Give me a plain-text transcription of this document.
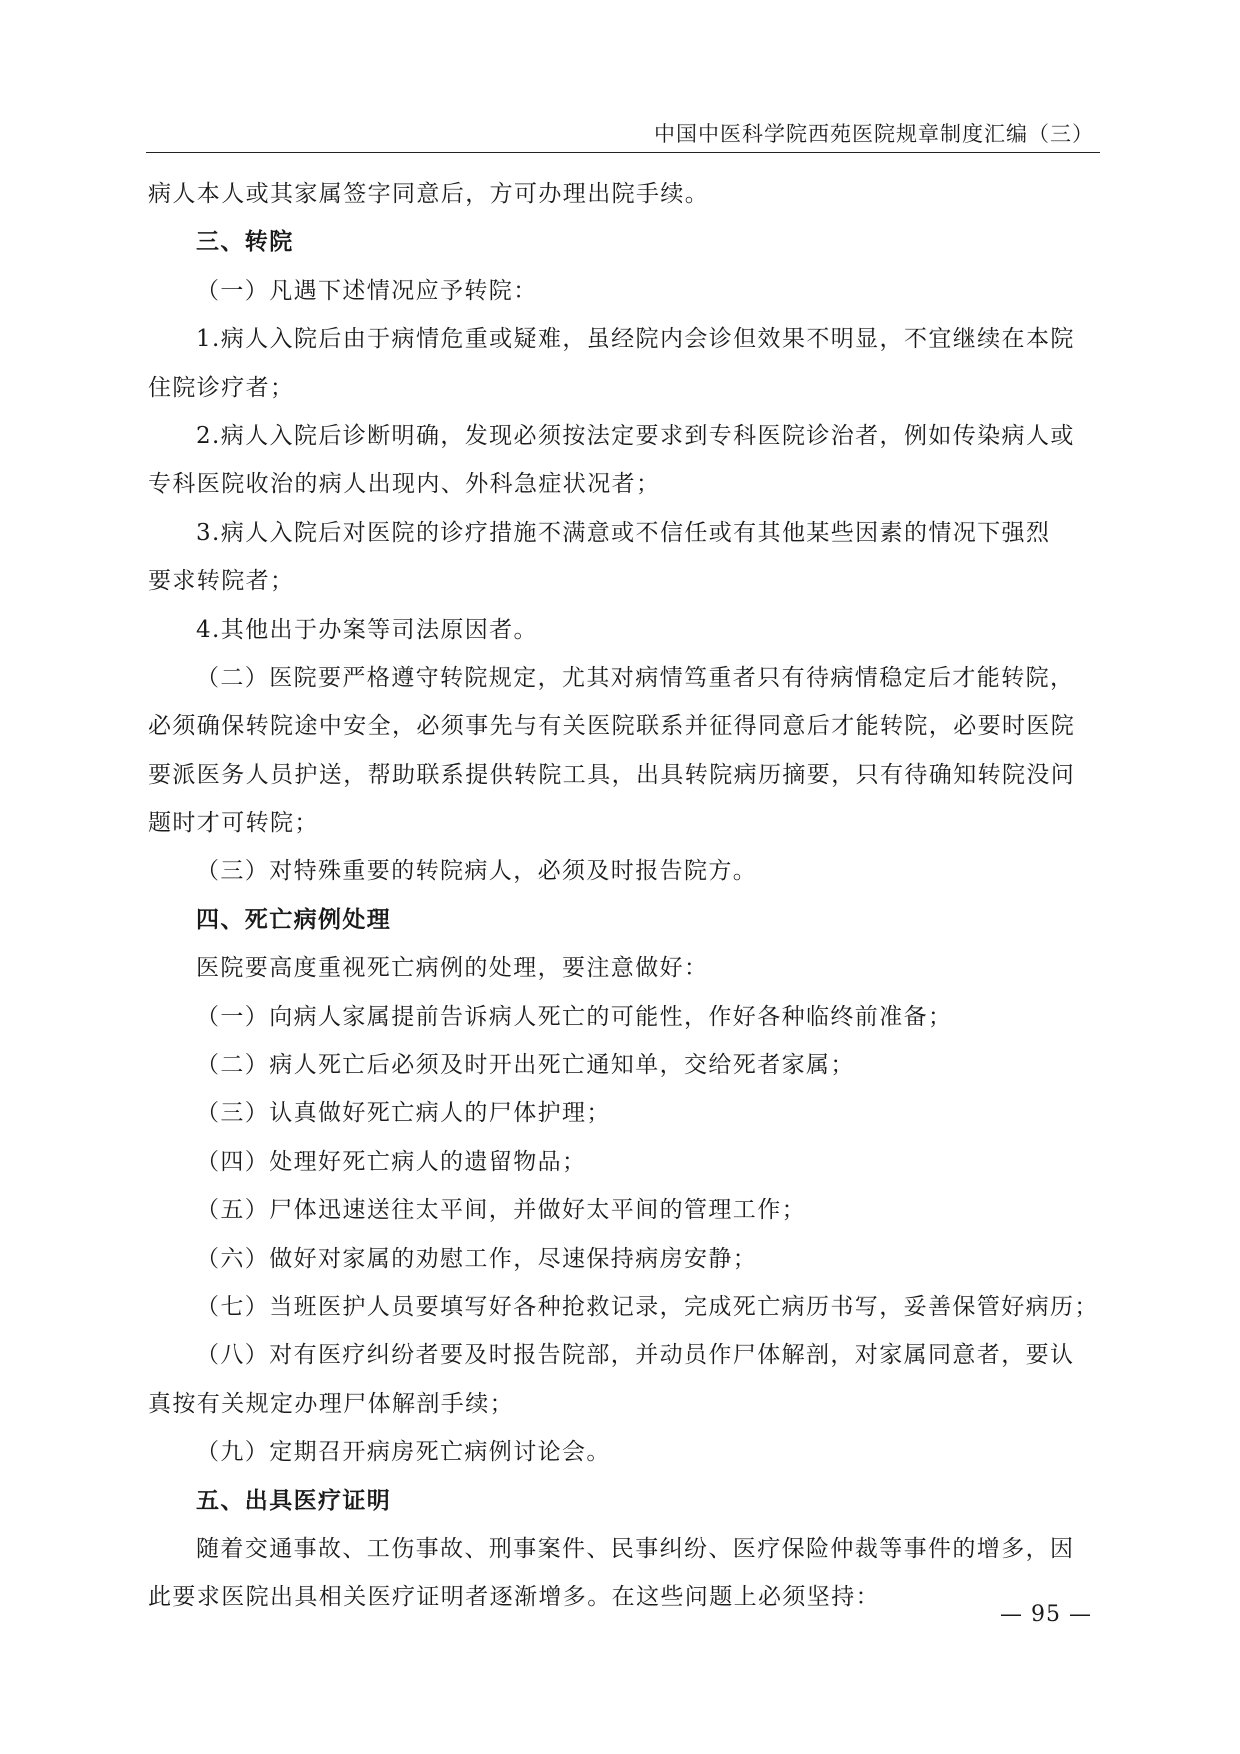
中国中医科学院西苑医院规章制度汇编（三）
病人本人或其家属签字同意后，方可办理出院手续。
三、转院
（一）凡遇下述情况应予转院：
1.病人入院后由于病情危重或疑难，虽经院内会诊但效果不明显，不宜继续在本院
住院诊疗者；
2.病人入院后诊断明确，发现必须按法定要求到专科医院诊治者，例如传染病人或
专科医院收治的病人出现内、外科急症状况者；
3.病人入院后对医院的诊疗措施不满意或不信任或有其他某些因素的情况下强烈
要求转院者；
4.其他出于办案等司法原因者。
（二）医院要严格遵守转院规定，尤其对病情笃重者只有待病情稳定后才能转院，
必须确保转院途中安全，必须事先与有关医院联系并征得同意后才能转院，必要时医院
要派医务人员护送，帮助联系提供转院工具，出具转院病历摘要，只有待确知转院没问
题时才可转院；
（三）对特殊重要的转院病人，必须及时报告院方。
四、死亡病例处理
医院要高度重视死亡病例的处理，要注意做好：
（一）向病人家属提前告诉病人死亡的可能性，作好各种临终前准备；
（二）病人死亡后必须及时开出死亡通知单，交给死者家属；
（三）认真做好死亡病人的尸体护理；
（四）处理好死亡病人的遗留物品；
（五）尸体迅速送往太平间，并做好太平间的管理工作；
（六）做好对家属的劝慰工作，尽速保持病房安静；
（七）当班医护人员要填写好各种抢救记录，完成死亡病历书写，妥善保管好病历；
（八）对有医疗纠纷者要及时报告院部，并动员作尸体解剖，对家属同意者，要认
真按有关规定办理尸体解剖手续；
（九）定期召开病房死亡病例讨论会。
五、出具医疗证明
随着交通事故、工伤事故、刑事案件、民事纠纷、医疗保险仲裁等事件的增多，因
此要求医院出具相关医疗证明者逐渐增多。在这些问题上必须坚持：
— 95 —
